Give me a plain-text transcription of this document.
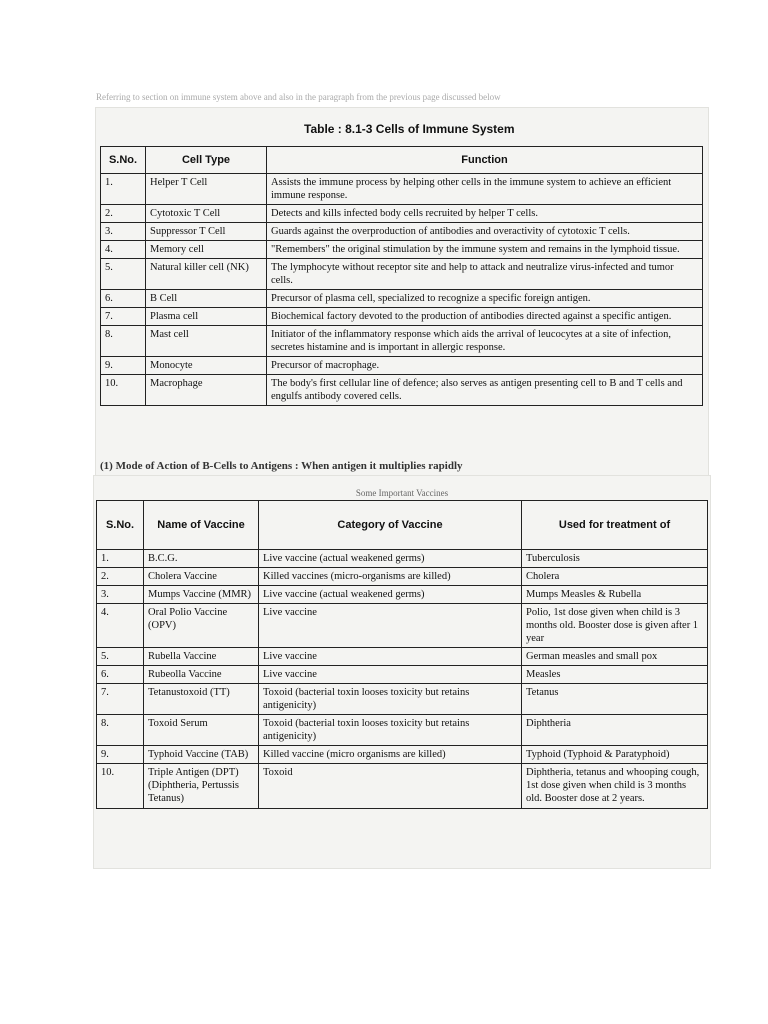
Referring to section on immune system above and also in the paragraph from the previous page discussed below
Table : 8.1-3 Cells of Immune System
S.No.	Cell Type	Function
1.	Helper T Cell	Assists the immune process by helping other cells in the immune system to achieve an efficient immune response.
2.	Cytotoxic T Cell	Detects and kills infected body cells recruited by helper T cells.
3.	Suppressor T Cell	Guards against the overproduction of antibodies and overactivity of cytotoxic T cells.
4.	Memory cell	"Remembers" the original stimulation by the immune system and remains in the lymphoid tissue.
5.	Natural killer cell (NK)	The lymphocyte without receptor site and help to attack and neutralize virus-infected and tumor cells.
6.	B Cell	Precursor of plasma cell, specialized to recognize a specific foreign antigen.
7.	Plasma cell	Biochemical factory devoted to the production of antibodies directed against a specific antigen.
8.	Mast cell	Initiator of the inflammatory response which aids the arrival of leucocytes at a site of infection, secretes histamine and is important in allergic response.
9.	Monocyte	Precursor of macrophage.
10.	Macrophage	The body's first cellular line of defence; also serves as antigen presenting cell to B and T cells and engulfs antibody covered cells.
(1) Mode of Action of B-Cells to Antigens : When antigen it multiplies rapidly
Some Important Vaccines
S.No.	Name of Vaccine	Category of Vaccine	Used for treatment of
1.	B.C.G.	Live vaccine (actual weakened germs)	Tuberculosis
2.	Cholera Vaccine	Killed vaccines (micro-organisms are killed)	Cholera
3.	Mumps Vaccine (MMR)	Live vaccine (actual weakened germs)	Mumps Measles & Rubella
4.	Oral Polio Vaccine (OPV)	Live vaccine	Polio, 1st dose given when child is 3 months old. Booster dose is given after 1 year
5.	Rubella Vaccine	Live vaccine	German measles and small pox
6.	Rubeolla Vaccine	Live vaccine	Measles
7.	Tetanustoxoid (TT)	Toxoid (bacterial toxin looses toxicity but retains antigenicity)	Tetanus
8.	Toxoid Serum	Toxoid (bacterial toxin looses toxicity but retains antigenicity)	Diphtheria
9.	Typhoid Vaccine (TAB)	Killed vaccine (micro organisms are killed)	Typhoid (Typhoid & Paratyphoid)
10.	Triple Antigen (DPT) (Diphtheria, Pertussis Tetanus)	Toxoid	Diphtheria, tetanus and whooping cough, 1st dose given when child is 3 months old. Booster dose at 2 years.
